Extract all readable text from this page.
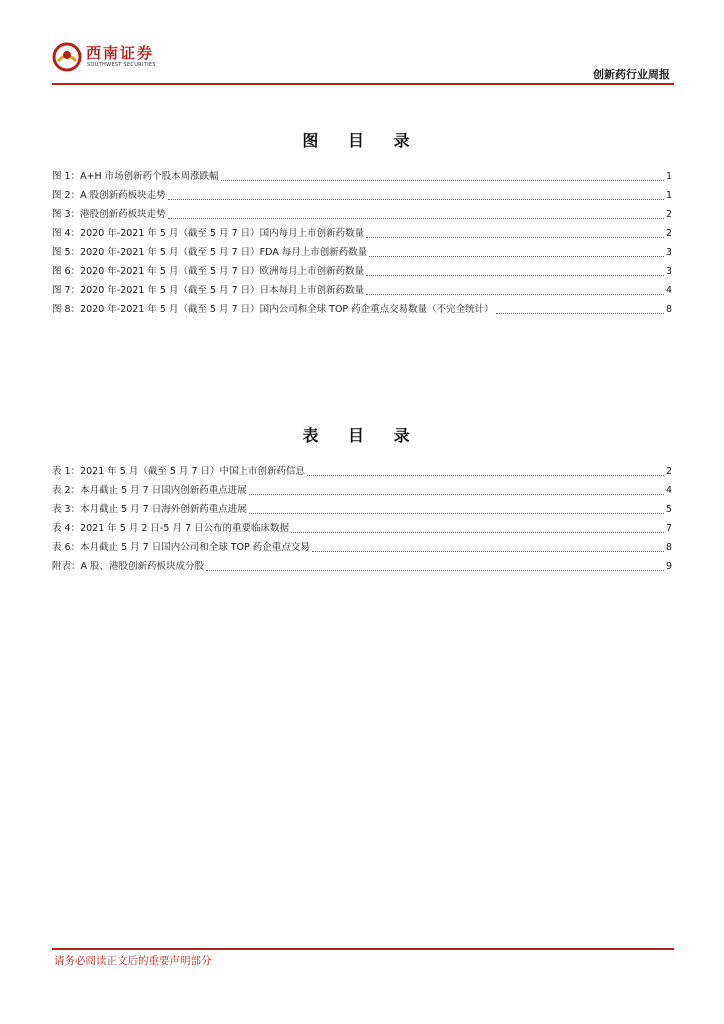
西南证券
SOUTHWEST SECURITIES
创新药行业周报
图 目 录
图 1：A+H 市场创新药个股本周涨跌幅	1
图 2：A 股创新药板块走势	1
图 3：港股创新药板块走势	2
图 4：2020 年-2021 年 5 月（截至 5 月 7 日）国内每月上市创新药数量	2
图 5：2020 年-2021 年 5 月（截至 5 月 7 日）FDA 每月上市创新药数量	3
图 6：2020 年-2021 年 5 月（截至 5 月 7 日）欧洲每月上市创新药数量	3
图 7：2020 年-2021 年 5 月（截至 5 月 7 日）日本每月上市创新药数量	4
图 8：2020 年-2021 年 5 月（截至 5 月 7 日）国内公司和全球 TOP 药企重点交易数量（不完全统计）	8
表 目 录
表 1：2021 年 5 月（截至 5 月 7 日）中国上市创新药信息	2
表 2：本月截止 5 月 7 日国内创新药重点进展	4
表 3：本月截止 5 月 7 日海外创新药重点进展	5
表 4：2021 年 5 月 2 日-5 月 7 日公布的重要临床数据	7
表 6：本月截止 5 月 7 日国内公司和全球 TOP 药企重点交易	8
附表：A 股、港股创新药板块成分股	9
请务必阅读正文后的重要声明部分
